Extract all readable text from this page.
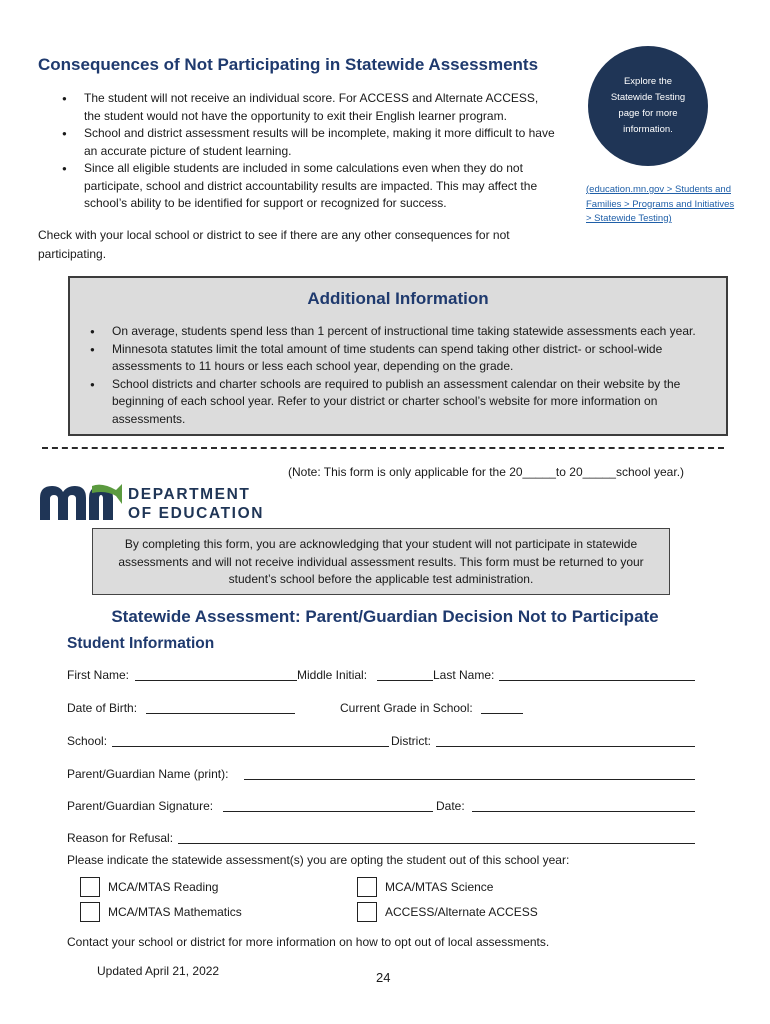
Consequences of Not Participating in Statewide Assessments
● The student will not receive an individual score. For ACCESS and Alternate ACCESS, the student would not have the opportunity to exit their English learner program.
● School and district assessment results will be incomplete, making it more difficult to have an accurate picture of student learning.
● Since all eligible students are included in some calculations even when they do not participate, school and district accountability results are impacted. This may affect the school’s ability to be identified for support or recognized for success.
Check with your local school or district to see if there are any other consequences for not participating.
Explore the Statewide Testing page for more information.
(education.mn.gov > Students and Families > Programs and Initiatives > Statewide Testing)
Additional Information
● On average, students spend less than 1 percent of instructional time taking statewide assessments each year.
● Minnesota statutes limit the total amount of time students can spend taking other district- or school-wide assessments to 11 hours or less each school year, depending on the grade.
● School districts and charter schools are required to publish an assessment calendar on their website by the beginning of each school year. Refer to your district or charter school’s website for more information on assessments.
(Note: This form is only applicable for the 20_____to 20_____school year.)
DEPARTMENT
OF EDUCATION
By completing this form, you are acknowledging that your student will not participate in statewide assessments and will not receive individual assessment results. This form must be returned to your student’s school before the applicable test administration.
Statewide Assessment: Parent/Guardian Decision Not to Participate
Student Information
First Name:	Middle Initial:	Last Name:
Date of Birth:	Current Grade in School:
School:	District:
Parent/Guardian Name (print):
Parent/Guardian Signature:	Date:
Reason for Refusal:
Please indicate the statewide assessment(s) you are opting the student out of this school year:
MCA/MTAS Reading	MCA/MTAS Science
MCA/MTAS Mathematics	ACCESS/Alternate ACCESS
Contact your school or district for more information on how to opt out of local assessments.
Updated April 21, 2022	24
